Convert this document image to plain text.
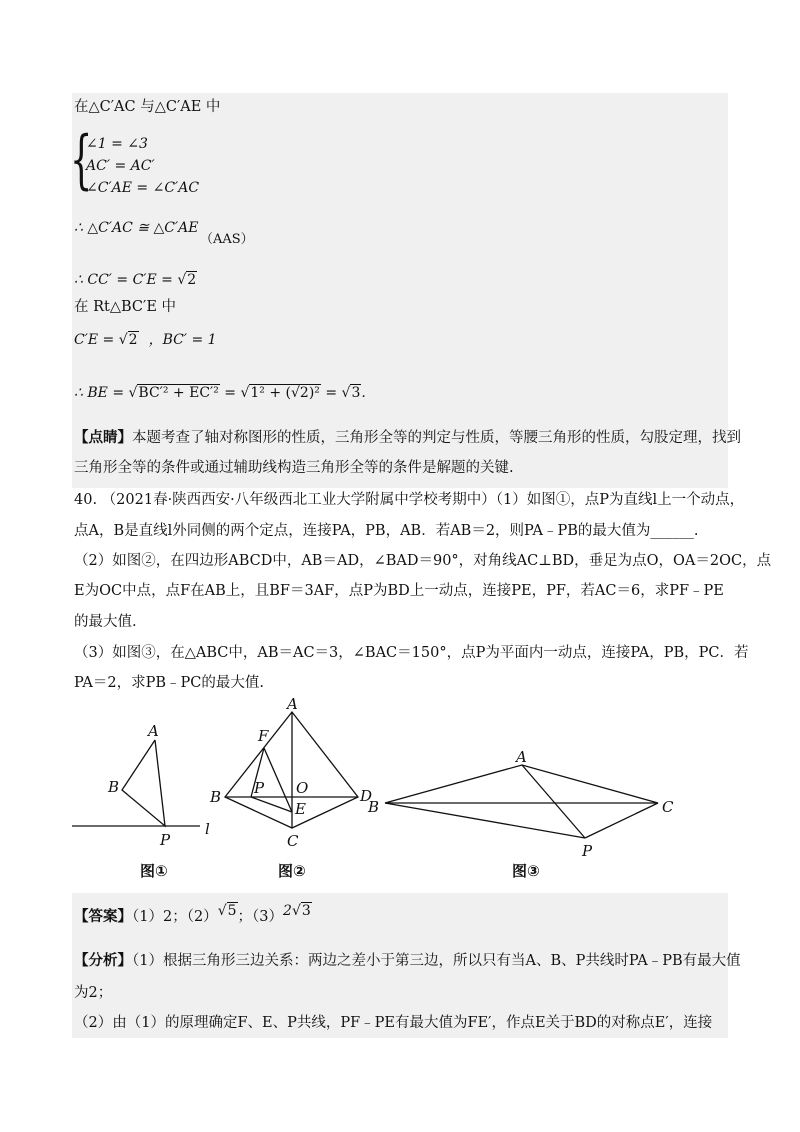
在△C′AC 与△C′AE 中
{
∠1 = ∠3
AC′ = AC′
∠C′AE = ∠C′AC
∴ △C′AC ≅ △C′AE
（AAS）
∴ CC′ = C′E = √2
在 Rt△BC′E 中
C′E = √2 ，BC′ = 1
∴ BE = √BC′² + EC′² = √1² + (√2)² = √3.
【点睛】本题考查了轴对称图形的性质，三角形全等的判定与性质，等腰三角形的性质，勾股定理，找到
三角形全等的条件或通过辅助线构造三角形全等的条件是解题的关键.
40. （2021春·陕西西安·八年级西北工业大学附属中学校考期中）（1）如图①，点P为直线l上一个动点，
点A，B是直线l外同侧的两个定点，连接PA，PB，AB．若AB＝2，则PA﹣PB的最大值为______.
（2）如图②，在四边形ABCD中，AB＝AD，∠BAD＝90°，对角线AC⊥BD，垂足为点O，OA＝2OC，点
E为OC中点，点F在AB上，且BF＝3AF，点P为BD上一动点，连接PE，PF，若AC＝6，求PF﹣PE
的最大值.
（3）如图③，在△ABC中，AB＝AC＝3，∠BAC＝150°，点P为平面内一动点，连接PA，PB，PC．若
PA＝2，求PB﹣PC的最大值.
A
B
P
l
图①
A
B
C
D
E
F
O
P
图②
A
B	C
P
图③
【答案】（1）2；（2）√5；（3）2√3
【分析】（1）根据三角形三边关系：两边之差小于第三边，所以只有当A、B、P共线时PA﹣PB有最大值
为2；
（2）由（1）的原理确定F、E、P共线，PF﹣PE有最大值为FE′，作点E关于BD的对称点E′，连接
